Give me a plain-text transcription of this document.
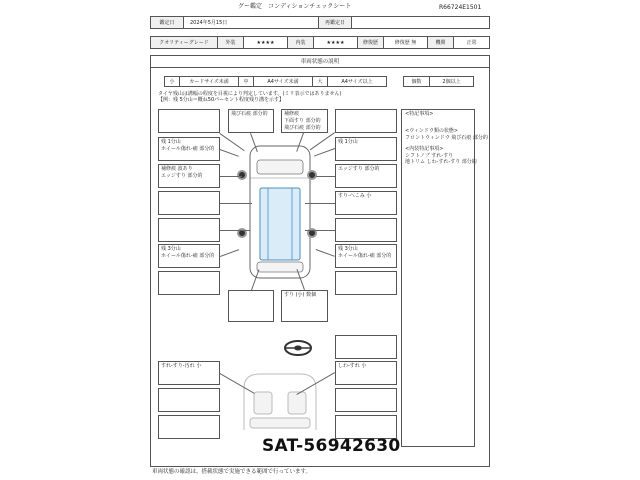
グー鑑定　コンディションチェックシート	R66724E1501
鑑定日	2024年5月15日	再鑑定日
クオリティーグレード	外装	★★★★	内装	★★★★	修復歴	修復歴 無	機関	正常
車両状態の説明
小	カードサイズ未満	中	A4サイズ未満	大	A4サイズ以上	個数	2個以上
タイヤ残山は溝幅の程度を目視により判定しています。(ミリ表示ではありません)
【例：残 5分山＝概ね50パーセント程度残り溝を示す】
<特記事項>
<ウィンドウ類の状態>
フロントウィンドウ 飛び石痕 部分的
<内装特記事項>
シフトノブ すれ-すり
地トリム しわ-すれ-すり 部分的
飛び石痕 部分的	補修痕
下面すり 部分的
飛び石痕 部分的
残 1分山
ホイール傷れ-痛 部分的
残 1分山
補修痕 波あり
エッジすり 部分的
エッジすり 部分的
すり-へこみ 小
残 3分山
ホイール傷れ-痛 部分的
残 3分山
ホイール傷れ-痛 部分的
すり (小) 数個
すれ-すり-汚れ 小	しわ-すれ 小
SAT-56942630
車両状態の確認は、搭載状態で実施できる範囲で行っています。
